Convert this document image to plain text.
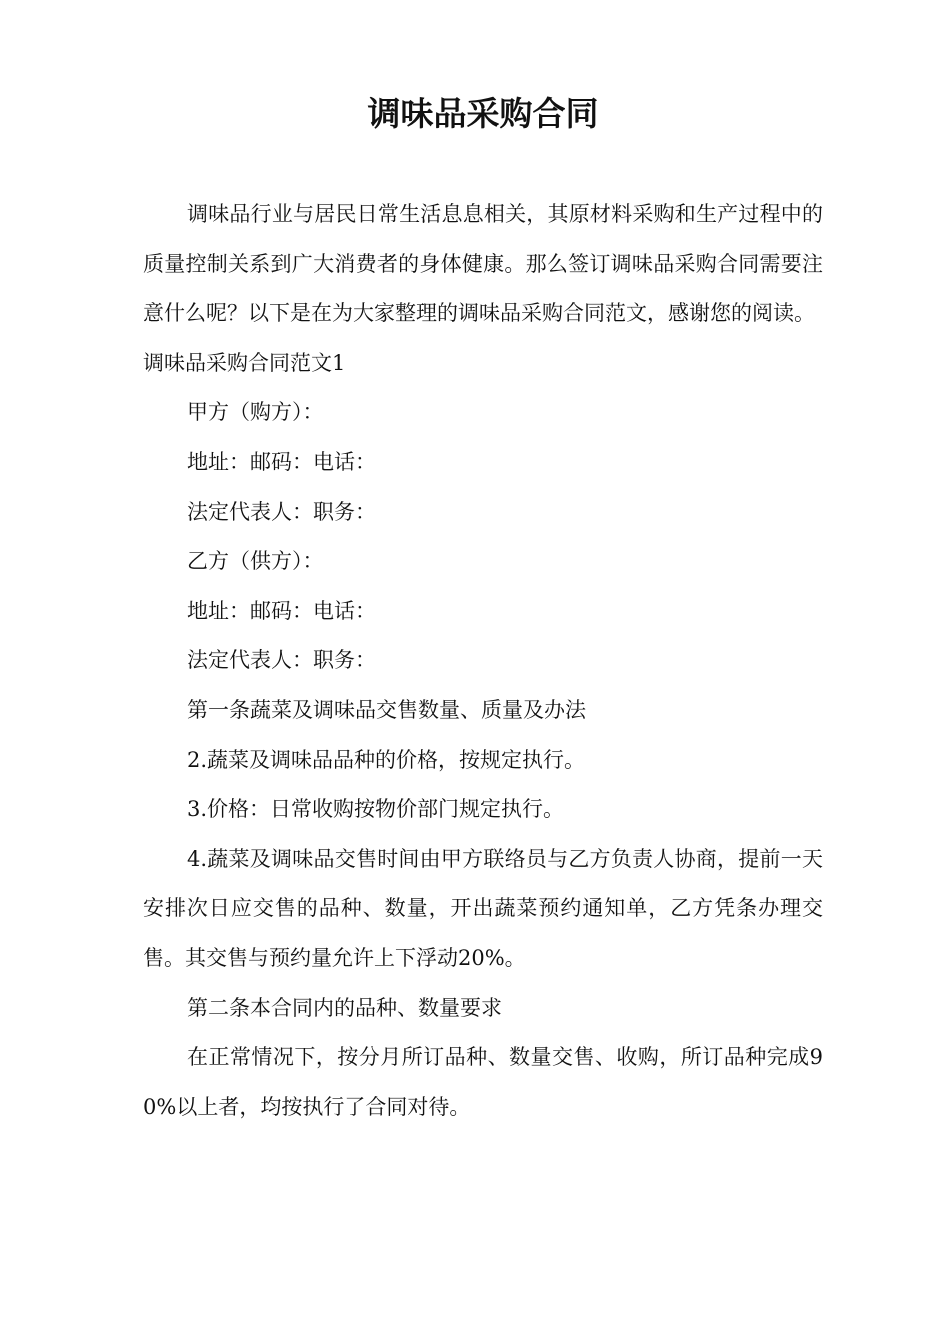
调味品采购合同

调味品行业与居民日常生活息息相关，其原材料采购和生产过程中的质量控制关系到广大消费者的身体健康。那么签订调味品采购合同需要注意什么呢？以下是在为大家整理的调味品采购合同范文，感谢您的阅读。

调味品采购合同范文1

甲方（购方）：

地址：邮码：电话：

法定代表人：职务：

乙方（供方）：

地址：邮码：电话：

法定代表人：职务：

第一条蔬菜及调味品交售数量、质量及办法

2.蔬菜及调味品品种的价格，按规定执行。

3.价格：日常收购按物价部门规定执行。

4.蔬菜及调味品交售时间由甲方联络员与乙方负责人协商，提前一天安排次日应交售的品种、数量，开出蔬菜预约通知单，乙方凭条办理交售。其交售与预约量允许上下浮动20%。

第二条本合同内的品种、数量要求

在正常情况下，按分月所订品种、数量交售、收购，所订品种完成90%以上者，均按执行了合同对待。
